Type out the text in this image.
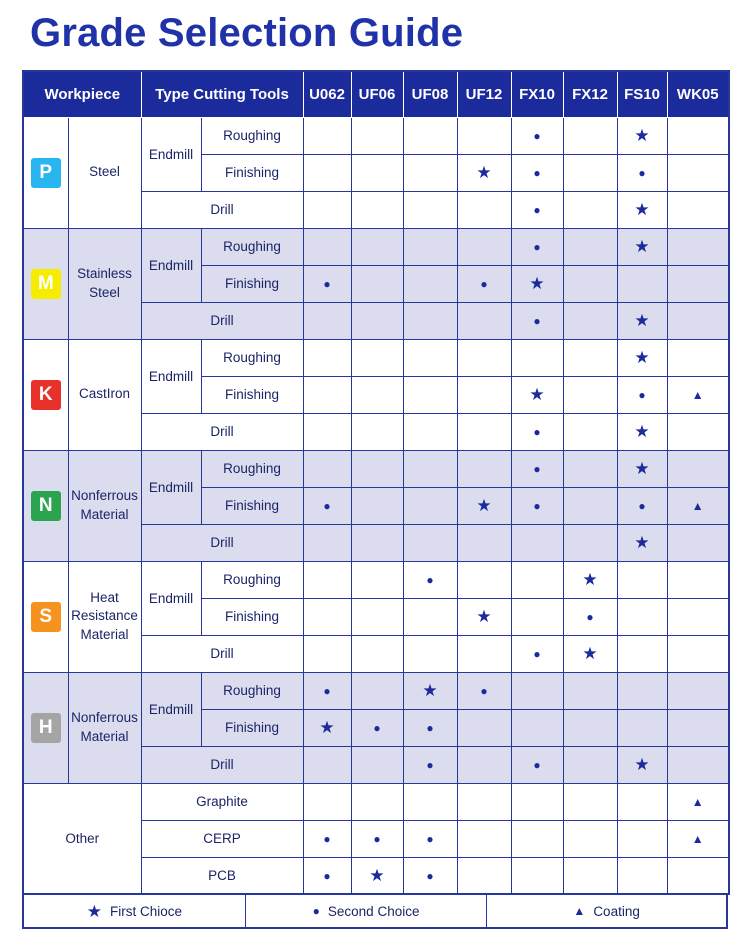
Grade Selection Guide
Workpiece		Type Cutting Tools		U062	UF06	UF08	UF12	FX10	FX12	FS10	WK05
P	Steel	Endmill	Roughing					●		★	
			Finishing				★	●		●	
		Drill						●		★	
M	Stainless Steel	Endmill	Roughing					●		★	
			Finishing	●			●	★			
		Drill						●		★	
K	CastIron	Endmill	Roughing							★	
			Finishing					★		●	▲
		Drill						●		★	
N	Nonferrous Material	Endmill	Roughing					●		★	
			Finishing	●			★	●		●	▲
		Drill								★	
S	Heat Resistance Material	Endmill	Roughing			●			★		
			Finishing				★		●		
		Drill						●	★		
H	Nonferrous Material	Endmill	Roughing	●		★	●				
			Finishing	★	●	●					
		Drill				●		●		★	
Other		Graphite									▲
		CERP		●	●	●					▲
		PCB		●	★	●					
★ First Chioce	● Second Choice	▲ Coating
